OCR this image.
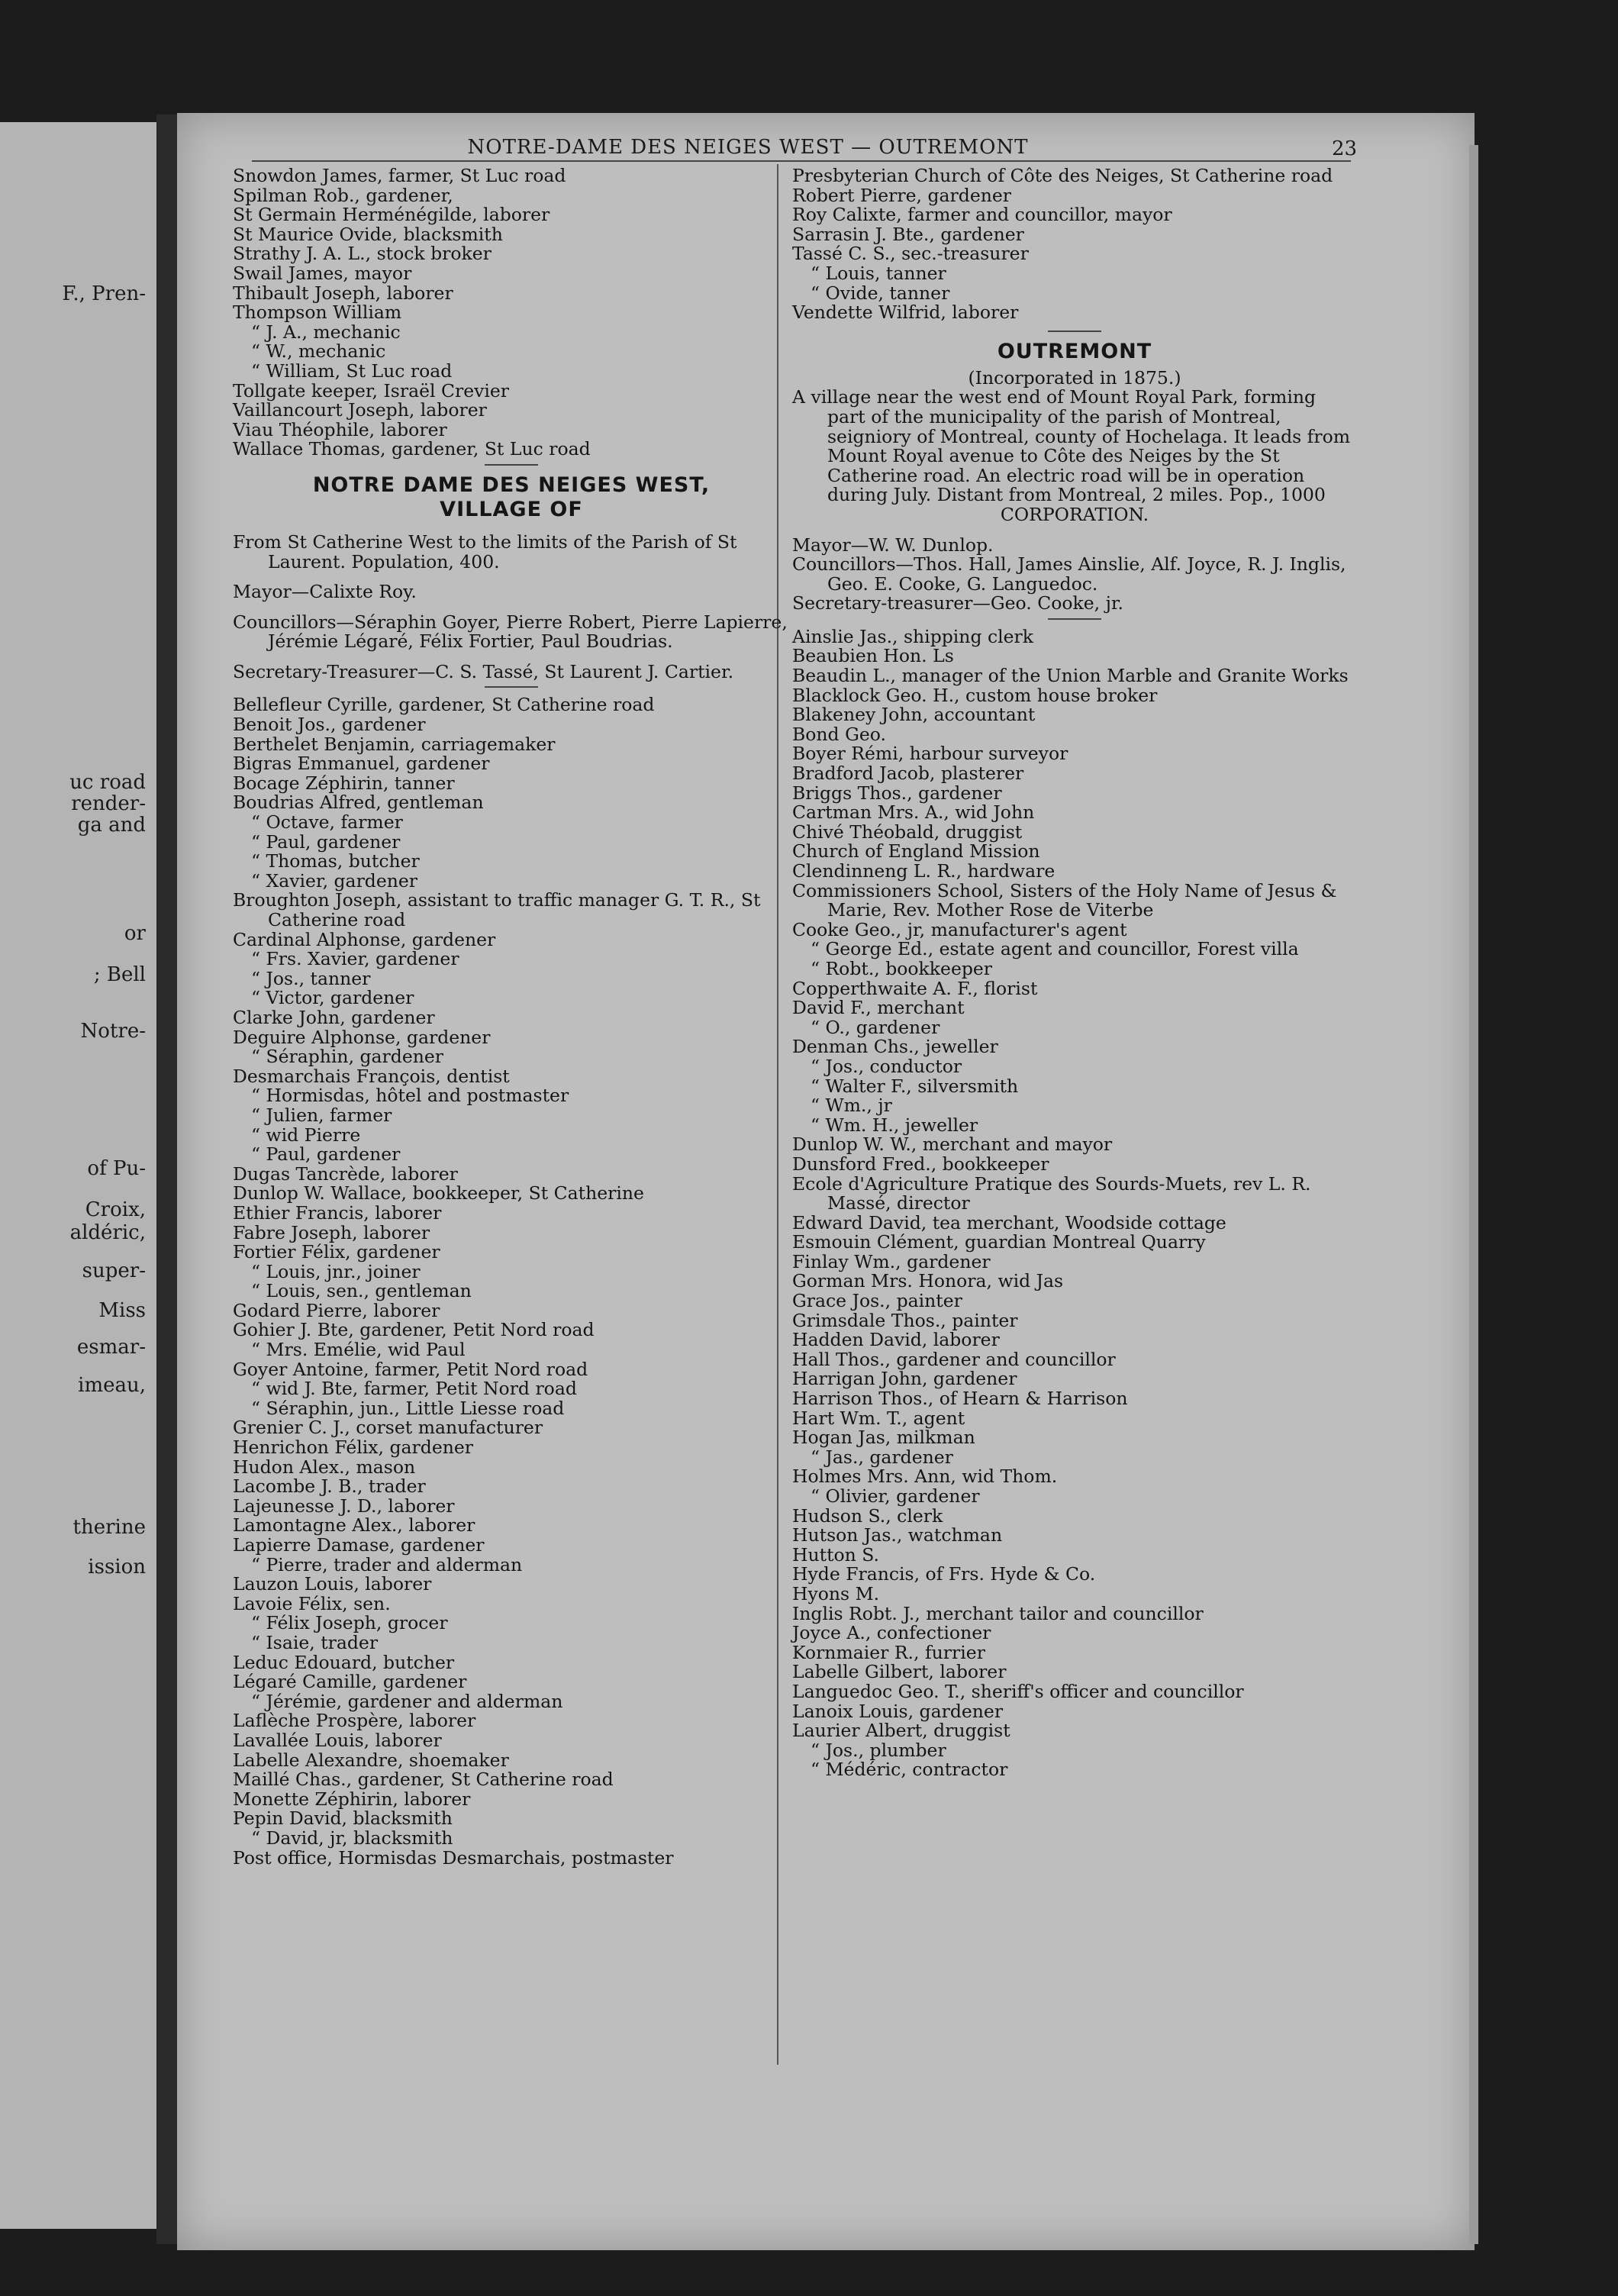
F., Pren-
uc road
render-
ga and
or
; Bell
Notre-
of Pu-
Croix,
aldéric,
super-
Miss
esmar-
imeau,
therine
ission
NOTRE-DAME DES NEIGES WEST — OUTREMONT	23
Snowdon James, farmer, St Luc road
Spilman Rob., gardener,
St Germain Herménégilde, laborer
St Maurice Ovide, blacksmith
Strathy J. A. L., stock broker
Swail James, mayor
Thibault Joseph, laborer
Thompson William
“ J. A., mechanic
“ W., mechanic
“ William, St Luc road
Tollgate keeper, Israël Crevier
Vaillancourt Joseph, laborer
Viau Théophile, laborer
Wallace Thomas, gardener, St Luc road
NOTRE DAME DES NEIGES WEST,
VILLAGE OF
From St Catherine West to the limits of the Parish of St Laurent. Population, 400.
Mayor—Calixte Roy.
Councillors—Séraphin Goyer, Pierre Robert, Pierre Lapierre, Jérémie Légaré, Félix Fortier, Paul Boudrias.
Secretary-Treasurer—C. S. Tassé, St Laurent J. Cartier.
Bellefleur Cyrille, gardener, St Catherine road
Benoit Jos., gardener
Berthelet Benjamin, carriagemaker
Bigras Emmanuel, gardener
Bocage Zéphirin, tanner
Boudrias Alfred, gentleman
“ Octave, farmer
“ Paul, gardener
“ Thomas, butcher
“ Xavier, gardener
Broughton Joseph, assistant to traffic manager G. T. R., St Catherine road
Cardinal Alphonse, gardener
“ Frs. Xavier, gardener
“ Jos., tanner
“ Victor, gardener
Clarke John, gardener
Deguire Alphonse, gardener
“ Séraphin, gardener
Desmarchais François, dentist
“ Hormisdas, hôtel and postmaster
“ Julien, farmer
“ wid Pierre
“ Paul, gardener
Dugas Tancrède, laborer
Dunlop W. Wallace, bookkeeper, St Catherine
Ethier Francis, laborer
Fabre Joseph, laborer
Fortier Félix, gardener
“ Louis, jnr., joiner
“ Louis, sen., gentleman
Godard Pierre, laborer
Gohier J. Bte, gardener, Petit Nord road
“ Mrs. Emélie, wid Paul
Goyer Antoine, farmer, Petit Nord road
“ wid J. Bte, farmer, Petit Nord road
“ Séraphin, jun., Little Liesse road
Grenier C. J., corset manufacturer
Henrichon Félix, gardener
Hudon Alex., mason
Lacombe J. B., trader
Lajeunesse J. D., laborer
Lamontagne Alex., laborer
Lapierre Damase, gardener
“ Pierre, trader and alderman
Lauzon Louis, laborer
Lavoie Félix, sen.
“ Félix Joseph, grocer
“ Isaie, trader
Leduc Edouard, butcher
Légaré Camille, gardener
“ Jérémie, gardener and alderman
Laflèche Prospère, laborer
Lavallée Louis, laborer
Labelle Alexandre, shoemaker
Maillé Chas., gardener, St Catherine road
Monette Zéphirin, laborer
Pepin David, blacksmith
“ David, jr, blacksmith
Post office, Hormisdas Desmarchais, postmaster
Presbyterian Church of Côte des Neiges, St Catherine road
Robert Pierre, gardener
Roy Calixte, farmer and councillor, mayor
Sarrasin J. Bte., gardener
Tassé C. S., sec.-treasurer
“ Louis, tanner
“ Ovide, tanner
Vendette Wilfrid, laborer
OUTREMONT
(Incorporated in 1875.)
A village near the west end of Mount Royal Park, forming part of the municipality of the parish of Montreal, seigniory of Montreal, county of Hochelaga. It leads from Mount Royal avenue to Côte des Neiges by the St Catherine road. An electric road will be in operation during July. Distant from Montreal, 2 miles. Pop., 1000
CORPORATION.
Mayor—W. W. Dunlop.
Councillors—Thos. Hall, James Ainslie, Alf. Joyce, R. J. Inglis, Geo. E. Cooke, G. Languedoc.
Secretary-treasurer—Geo. Cooke, jr.
Ainslie Jas., shipping clerk
Beaubien Hon. Ls
Beaudin L., manager of the Union Marble and Granite Works
Blacklock Geo. H., custom house broker
Blakeney John, accountant
Bond Geo.
Boyer Rémi, harbour surveyor
Bradford Jacob, plasterer
Briggs Thos., gardener
Cartman Mrs. A., wid John
Chivé Théobald, druggist
Church of England Mission
Clendinneng L. R., hardware
Commissioners School, Sisters of the Holy Name of Jesus & Marie, Rev. Mother Rose de Viterbe
Cooke Geo., jr, manufacturer's agent
“ George Ed., estate agent and councillor, Forest villa
“ Robt., bookkeeper
Copperthwaite A. F., florist
David F., merchant
“ O., gardener
Denman Chs., jeweller
“ Jos., conductor
“ Walter F., silversmith
“ Wm., jr
“ Wm. H., jeweller
Dunlop W. W., merchant and mayor
Dunsford Fred., bookkeeper
Ecole d'Agriculture Pratique des Sourds-Muets, rev L. R. Massé, director
Edward David, tea merchant, Woodside cottage
Esmouin Clément, guardian Montreal Quarry
Finlay Wm., gardener
Gorman Mrs. Honora, wid Jas
Grace Jos., painter
Grimsdale Thos., painter
Hadden David, laborer
Hall Thos., gardener and councillor
Harrigan John, gardener
Harrison Thos., of Hearn & Harrison
Hart Wm. T., agent
Hogan Jas, milkman
“ Jas., gardener
Holmes Mrs. Ann, wid Thom.
“ Olivier, gardener
Hudson S., clerk
Hutson Jas., watchman
Hutton S.
Hyde Francis, of Frs. Hyde & Co.
Hyons M.
Inglis Robt. J., merchant tailor and councillor
Joyce A., confectioner
Kornmaier R., furrier
Labelle Gilbert, laborer
Languedoc Geo. T., sheriff's officer and councillor
Lanoix Louis, gardener
Laurier Albert, druggist
“ Jos., plumber
“ Médéric, contractor
